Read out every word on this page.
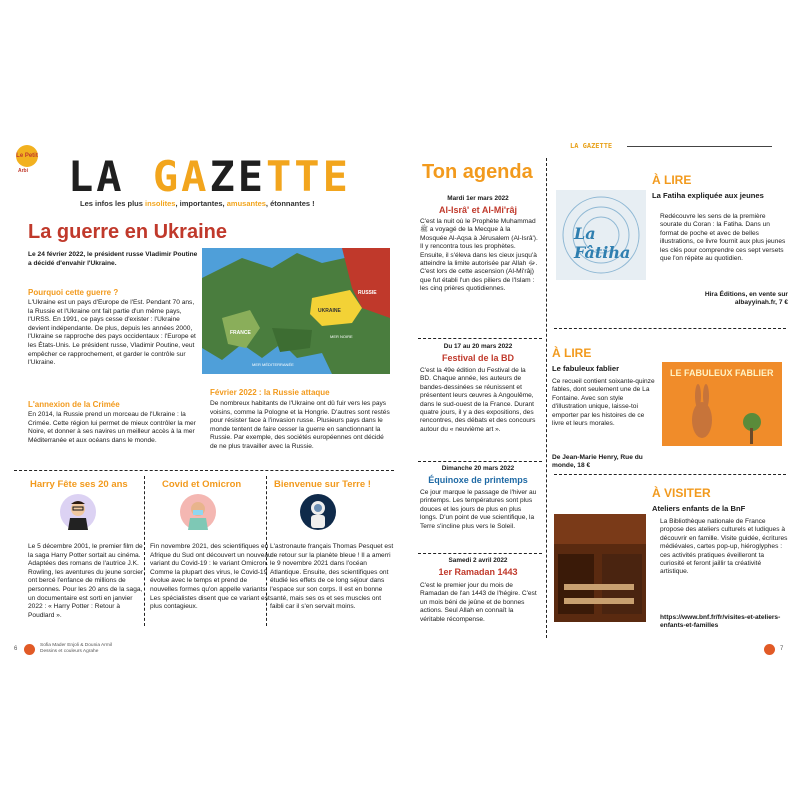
Le Petit
Arbi LA GAZETTE
Les infos les plus insolites, importantes, amusantes, étonnantes !
La guerre en Ukraine
Le 24 février 2022, le président russe Vladimir Poutine a décidé d'envahir l'Ukraine.
Pourquoi cette guerre ?
L'Ukraine est un pays d'Europe de l'Est. Pendant 70 ans, la Russie et l'Ukraine ont fait partie d'un même pays, l'URSS. En 1991, ce pays cesse d'exister : l'Ukraine devient indépendante. De plus, depuis les années 2000, l'Ukraine se rapproche des pays occidentaux : l'Europe et les États-Unis. Le président russe, Vladimir Poutine, veut empêcher ce rapprochement, et garder le contrôle sur l'Ukraine.
L'annexion de la Crimée
En 2014, la Russie prend un morceau de l'Ukraine : la Crimée. Cette région lui permet de mieux contrôler la mer Noire, et donner à ses navires un meilleur accès à la mer Méditerranée et aux océans dans le monde.
RUSSIE
UKRAINE
FRANCE
MER MÉDITERRANÉE
MER NOIRE
Février 2022 : la Russie attaque
De nombreux habitants de l'Ukraine ont dû fuir vers les pays voisins, comme la Pologne et la Hongrie. D'autres sont restés pour résister face à l'invasion russe. Plusieurs pays dans le monde tentent de faire cesser la guerre en sanctionnant la Russie. Par exemple, des sociétés européennes ont décidé de ne plus travailler avec la Russie.
Harry Fête ses 20 ans
Le 5 décembre 2001, le premier film de la saga Harry Potter sortait au cinéma. Adaptées des romans de l'autrice J.K. Rowling, les aventures du jeune sorcier ont bercé l'enfance de millions de personnes. Pour les 20 ans de la saga, un documentaire est sorti en janvier 2022 : « Harry Potter : Retour à Poudlard ».
Covid et Omicron
Fin novembre 2021, des scientifiques en Afrique du Sud ont découvert un nouveau variant du Covid-19 : le variant Omicron. Comme la plupart des virus, le Covid-19 évolue avec le temps et prend de nouvelles formes qu'on appelle variants. Les spécialistes disent que ce variant est plus contagieux.
Bienvenue sur Terre !
L'astronaute français Thomas Pesquet est de retour sur la planète bleue ! Il a amerri le 9 novembre 2021 dans l'océan Atlantique. Ensuite, des scientifiques ont étudié les effets de ce long séjour dans l'espace sur son corps. Il est en bonne santé, mais ses os et ses muscles ont faibli car il s'en servait moins.
6
Sofia Mader Enjoli & Dounia Armil Dessins et couleurs Agrahe
LA GAZETTE
Ton agenda
Mardi 1er mars 2022
Al-Isrâ' et Al-Mi'râj
C'est la nuit où le Prophète Muhammad ﷺ a voyagé de la Mecque à la Mosquée Al-Aqsa à Jérusalem (Al-Isrâ'). Il y rencontra tous les prophètes. Ensuite, il s'éleva dans les cieux jusqu'à atteindre la limite autorisée par Allah ﷻ. C'est lors de cette ascension (Al-Mi'râj) que fut établi l'un des piliers de l'Islam : les cinq prières quotidiennes.
Du 17 au 20 mars 2022
Festival de la BD
C'est la 49e édition du Festival de la BD. Chaque année, les auteurs de bandes-dessinées se réunissent et présentent leurs œuvres à Angoulême, dans le sud-ouest de la France. Durant quatre jours, il y a des expositions, des rencontres, des débats et des concours autour du « neuvième art ».
Dimanche 20 mars 2022
Équinoxe de printemps
Ce jour marque le passage de l'hiver au printemps. Les températures sont plus douces et les jours de plus en plus longs. D'un point de vue scientifique, la Terre s'incline plus vers le Soleil.
Samedi 2 avril 2022
1er Ramadan 1443
C'est le premier jour du mois de Ramadan de l'an 1443 de l'hégire. C'est un mois béni de jeûne et de bonnes actions. Seul Allah en connaît la véritable récompense.
La Fâtiha
À LIRE
La Fatiha expliquée aux jeunes
Redécouvre les sens de la première sourate du Coran : la Fatiha. Dans un format de poche et avec de belles illustrations, ce livre fournit aux plus jeunes les clés pour comprendre ces sept versets que l'on répète au quotidien.
Hira Éditions, en vente sur albayyinah.fr, 7 €
À LIRE
Le fabuleux fablier
Ce recueil contient soixante-quinze fables, dont seulement une de La Fontaine. Avec son style d'illustration unique, laisse-toi emporter par les histoires de ce livre et leurs morales.
De Jean-Marie Henry, Rue du monde, 18 €
LE FABULEUX FABLIER
À VISITER
Ateliers enfants de la BnF
La Bibliothèque nationale de France propose des ateliers culturels et ludiques à découvrir en famille. Visite guidée, écritures médiévales, cartes pop-up, hiéroglyphes : ces activités pratiques éveilleront ta curiosité et feront jaillir ta créativité artistique.
https://www.bnf.fr/fr/visites-et-ateliers-enfants-et-familles
7
